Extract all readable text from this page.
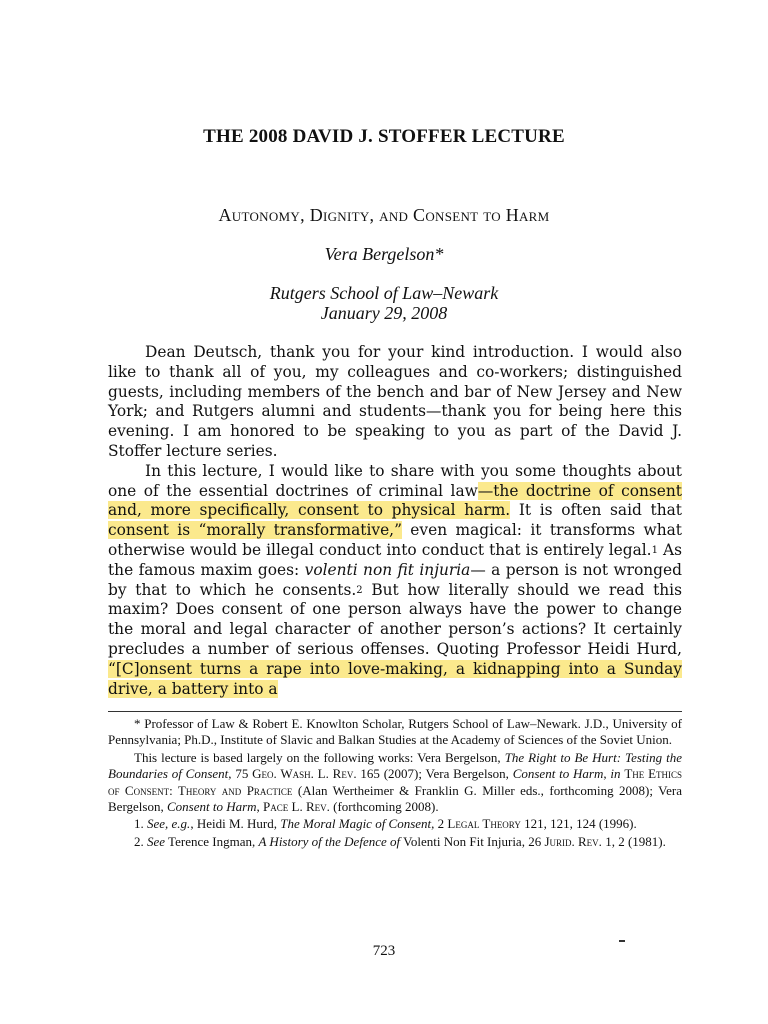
THE 2008 DAVID J. STOFFER LECTURE
Autonomy, Dignity, and Consent to Harm
Vera Bergelson*
Rutgers School of Law–Newark
January 29, 2008

Dean Deutsch, thank you for your kind introduction. I would also like to thank all of you, my colleagues and co-workers; distinguished guests, including members of the bench and bar of New Jersey and New York; and Rutgers alumni and students—thank you for being here this evening. I am honored to be speaking to you as part of the David J. Stoffer lecture series.

In this lecture, I would like to share with you some thoughts about one of the essential doctrines of criminal law—the doctrine of consent and, more specifically, consent to physical harm. It is often said that consent is “morally transformative,” even magical: it transforms what otherwise would be illegal conduct into conduct that is entirely legal.$^1$ As the famous maxim goes: volenti non fit injuria— a person is not wronged by that to which he consents.$^2$ But how literally should we read this maxim? Does consent of one person always have the power to change the moral and legal character of another person’s actions? It certainly precludes a number of serious offenses. Quoting Professor Heidi Hurd, “[C]onsent turns a rape into love-making, a kidnapping into a Sunday drive, a battery into a

* Professor of Law & Robert E. Knowlton Scholar, Rutgers School of Law–Newark. J.D., University of Pennsylvania; Ph.D., Institute of Slavic and Balkan Studies at the Academy of Sciences of the Soviet Union.

This lecture is based largely on the following works: Vera Bergelson, The Right to Be Hurt: Testing the Boundaries of Consent, 75 Geo. Wash. L. Rev. 165 (2007); Vera Bergelson, Consent to Harm, in The Ethics of Consent: Theory and Practice (Alan Wertheimer & Franklin G. Miller eds., forthcoming 2008); Vera Bergelson, Consent to Harm, Pace L. Rev. (forthcoming 2008).

1. See, e.g., Heidi M. Hurd, The Moral Magic of Consent, 2 Legal Theory 121, 121, 124 (1996).

2. See Terence Ingman, A History of the Defence of Volenti Non Fit Injuria, 26 Jurid. Rev. 1, 2 (1981).

723
